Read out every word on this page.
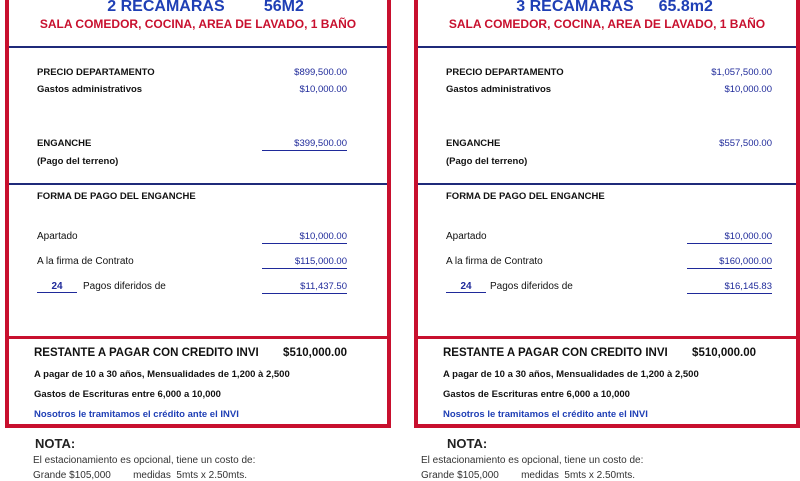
2 RECAMARAS 56M2
SALA COMEDOR, COCINA, AREA DE LAVADO, 1 BAÑO
PRECIO DEPARTAMENTO	$899,500.00
Gastos administrativos	$10,000.00
ENGANCHE	$399,500.00
(Pago del terreno)
FORMA DE PAGO DEL ENGANCHE
Apartado	$10,000.00
A la firma de Contrato	$115,000.00
24	Pagos diferidos de	$11,437.50
RESTANTE A PAGAR CON CREDITO INVI $510,000.00
A pagar de 10 a 30 años, Mensualidades de 1,200 à 2,500
Gastos de Escrituras entre 6,000 a 10,000
Nosotros le tramitamos el crédito ante el INVI
NOTA:
El estacionamiento es opcional, tiene un costo de:
Grande $105,000        medidas  5mts x 2.50mts.
3 RECAMARAS 65.8m2
SALA COMEDOR, COCINA, AREA DE LAVADO, 1 BAÑO
PRECIO DEPARTAMENTO	$1,057,500.00
Gastos administrativos	$10,000.00
ENGANCHE	$557,500.00
(Pago del terreno)
FORMA DE PAGO DEL ENGANCHE
Apartado	$10,000.00
A la firma de Contrato	$160,000.00
24	Pagos diferidos de	$16,145.83
RESTANTE A PAGAR CON CREDITO INVI $510,000.00
A pagar de 10 a 30 años, Mensualidades de 1,200 à 2,500
Gastos de Escrituras entre 6,000 a 10,000
Nosotros le tramitamos el crédito ante el INVI
NOTA:
El estacionamiento es opcional, tiene un costo de:
Grande $105,000        medidas  5mts x 2.50mts.
